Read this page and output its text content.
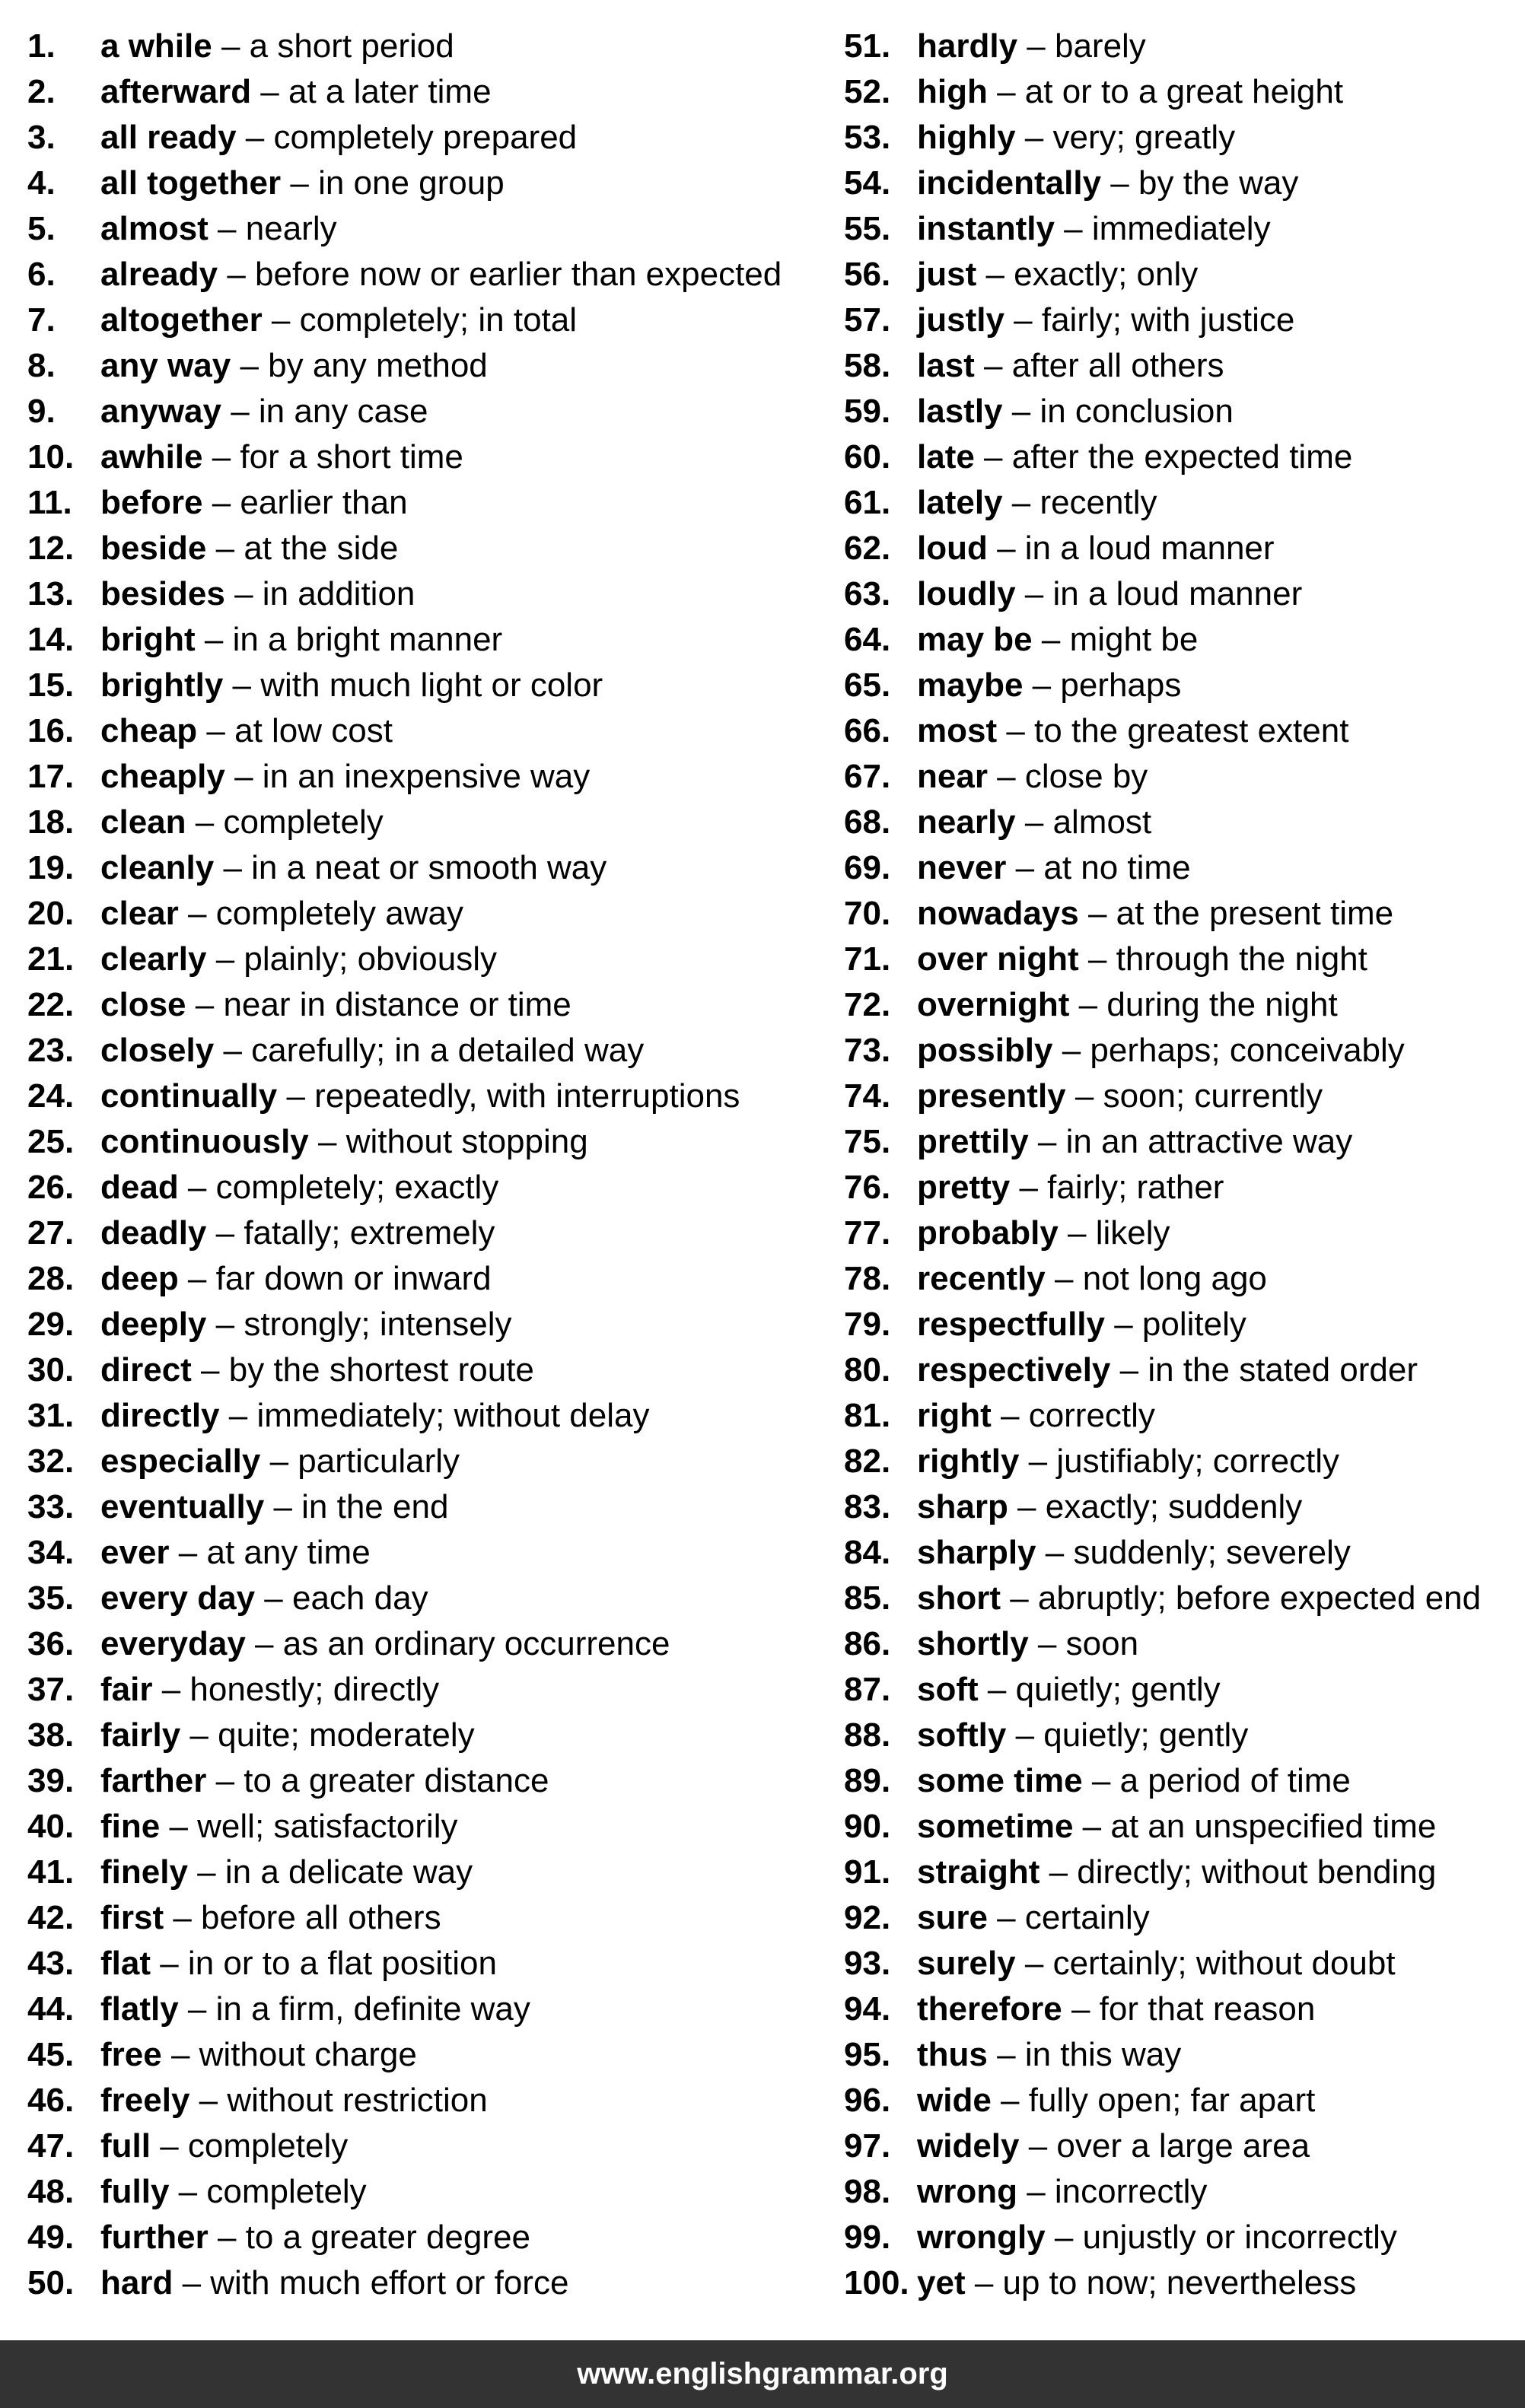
1. a while – a short period
2. afterward – at a later time
3. all ready – completely prepared
4. all together – in one group
5. almost – nearly
6. already – before now or earlier than expected
7. altogether – completely; in total
8. any way – by any method
9. anyway – in any case
10. awhile – for a short time
11. before – earlier than
12. beside – at the side
13. besides – in addition
14. bright – in a bright manner
15. brightly – with much light or color
16. cheap – at low cost
17. cheaply – in an inexpensive way
18. clean – completely
19. cleanly – in a neat or smooth way
20. clear – completely away
21. clearly – plainly; obviously
22. close – near in distance or time
23. closely – carefully; in a detailed way
24. continually – repeatedly, with interruptions
25. continuously – without stopping
26. dead – completely; exactly
27. deadly – fatally; extremely
28. deep – far down or inward
29. deeply – strongly; intensely
30. direct – by the shortest route
31. directly – immediately; without delay
32. especially – particularly
33. eventually – in the end
34. ever – at any time
35. every day – each day
36. everyday – as an ordinary occurrence
37. fair – honestly; directly
38. fairly – quite; moderately
39. farther – to a greater distance
40. fine – well; satisfactorily
41. finely – in a delicate way
42. first – before all others
43. flat – in or to a flat position
44. flatly – in a firm, definite way
45. free – without charge
46. freely – without restriction
47. full – completely
48. fully – completely
49. further – to a greater degree
50. hard – with much effort or force
51. hardly – barely
52. high – at or to a great height
53. highly – very; greatly
54. incidentally – by the way
55. instantly – immediately
56. just – exactly; only
57. justly – fairly; with justice
58. last – after all others
59. lastly – in conclusion
60. late – after the expected time
61. lately – recently
62. loud – in a loud manner
63. loudly – in a loud manner
64. may be – might be
65. maybe – perhaps
66. most – to the greatest extent
67. near – close by
68. nearly – almost
69. never – at no time
70. nowadays – at the present time
71. over night – through the night
72. overnight – during the night
73. possibly – perhaps; conceivably
74. presently – soon; currently
75. prettily – in an attractive way
76. pretty – fairly; rather
77. probably – likely
78. recently – not long ago
79. respectfully – politely
80. respectively – in the stated order
81. right – correctly
82. rightly – justifiably; correctly
83. sharp – exactly; suddenly
84. sharply – suddenly; severely
85. short – abruptly; before expected end
86. shortly – soon
87. soft – quietly; gently
88. softly – quietly; gently
89. some time – a period of time
90. sometime – at an unspecified time
91. straight – directly; without bending
92. sure – certainly
93. surely – certainly; without doubt
94. therefore – for that reason
95. thus – in this way
96. wide – fully open; far apart
97. widely – over a large area
98. wrong – incorrectly
99. wrongly – unjustly or incorrectly
100. yet – up to now; nevertheless
www.englishgrammar.org
